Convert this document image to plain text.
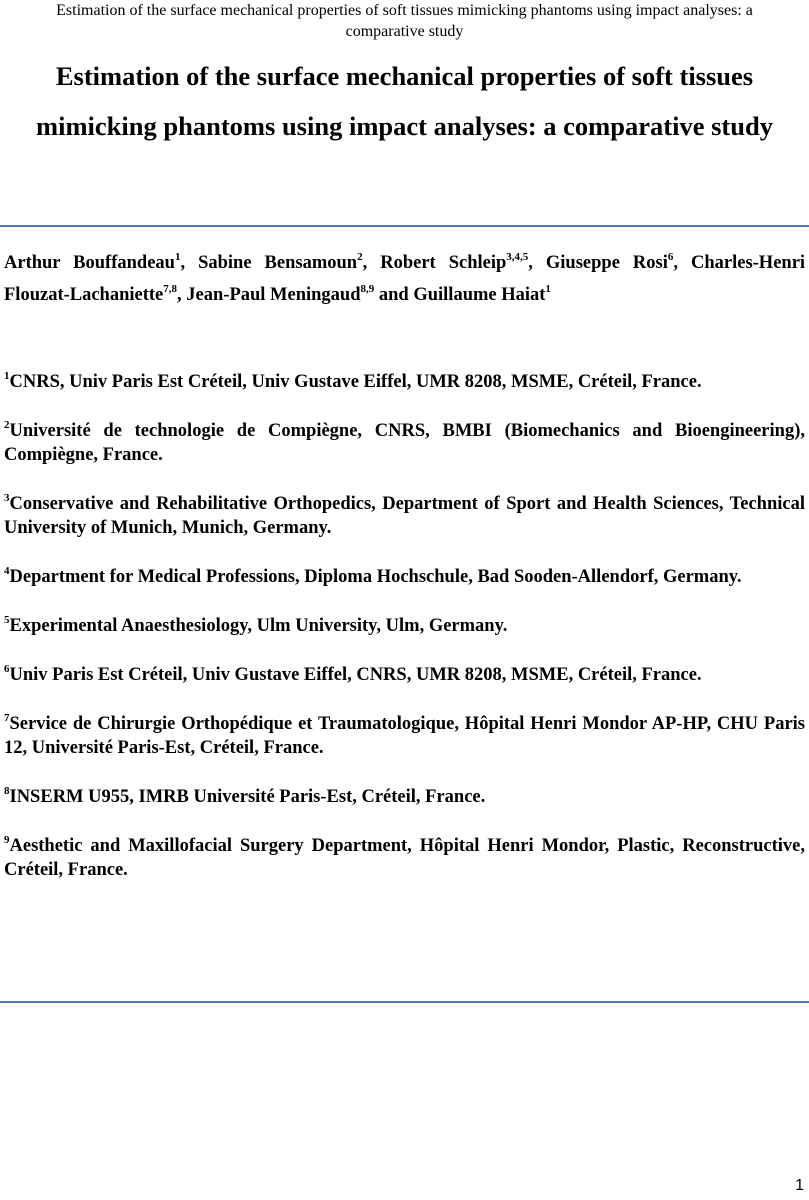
Estimation of the surface mechanical properties of soft tissues mimicking phantoms using impact analyses: a comparative study
Estimation of the surface mechanical properties of soft tissues mimicking phantoms using impact analyses: a comparative study
Arthur Bouffandeau$^1$, Sabine Bensamoun$^2$, Robert Schleip$^{3,4,5}$, Giuseppe Rosi$^6$, Charles-Henri Flouzat-Lachaniette$^{7,8}$, Jean-Paul Meningaud$^{8,9}$ and Guillaume Haiat$^1$

$^1$CNRS, Univ Paris Est Créteil, Univ Gustave Eiffel, UMR 8208, MSME, Créteil, France.

$^2$Université de technologie de Compiègne, CNRS, BMBI (Biomechanics and Bioengineering), Compiègne, France.

$^3$Conservative and Rehabilitative Orthopedics, Department of Sport and Health Sciences, Technical University of Munich, Munich, Germany.

$^4$Department for Medical Professions, Diploma Hochschule, Bad Sooden-Allendorf, Germany.

$^5$Experimental Anaesthesiology, Ulm University, Ulm, Germany.

$^6$Univ Paris Est Créteil, Univ Gustave Eiffel, CNRS, UMR 8208, MSME, Créteil, France.

$^7$Service de Chirurgie Orthopédique et Traumatologique, Hôpital Henri Mondor AP-HP, CHU Paris 12, Université Paris-Est, Créteil, France.

$^8$INSERM U955, IMRB Université Paris-Est, Créteil, France.

$^9$Aesthetic and Maxillofacial Surgery Department, Hôpital Henri Mondor, Plastic, Reconstructive, Créteil, France.

1
